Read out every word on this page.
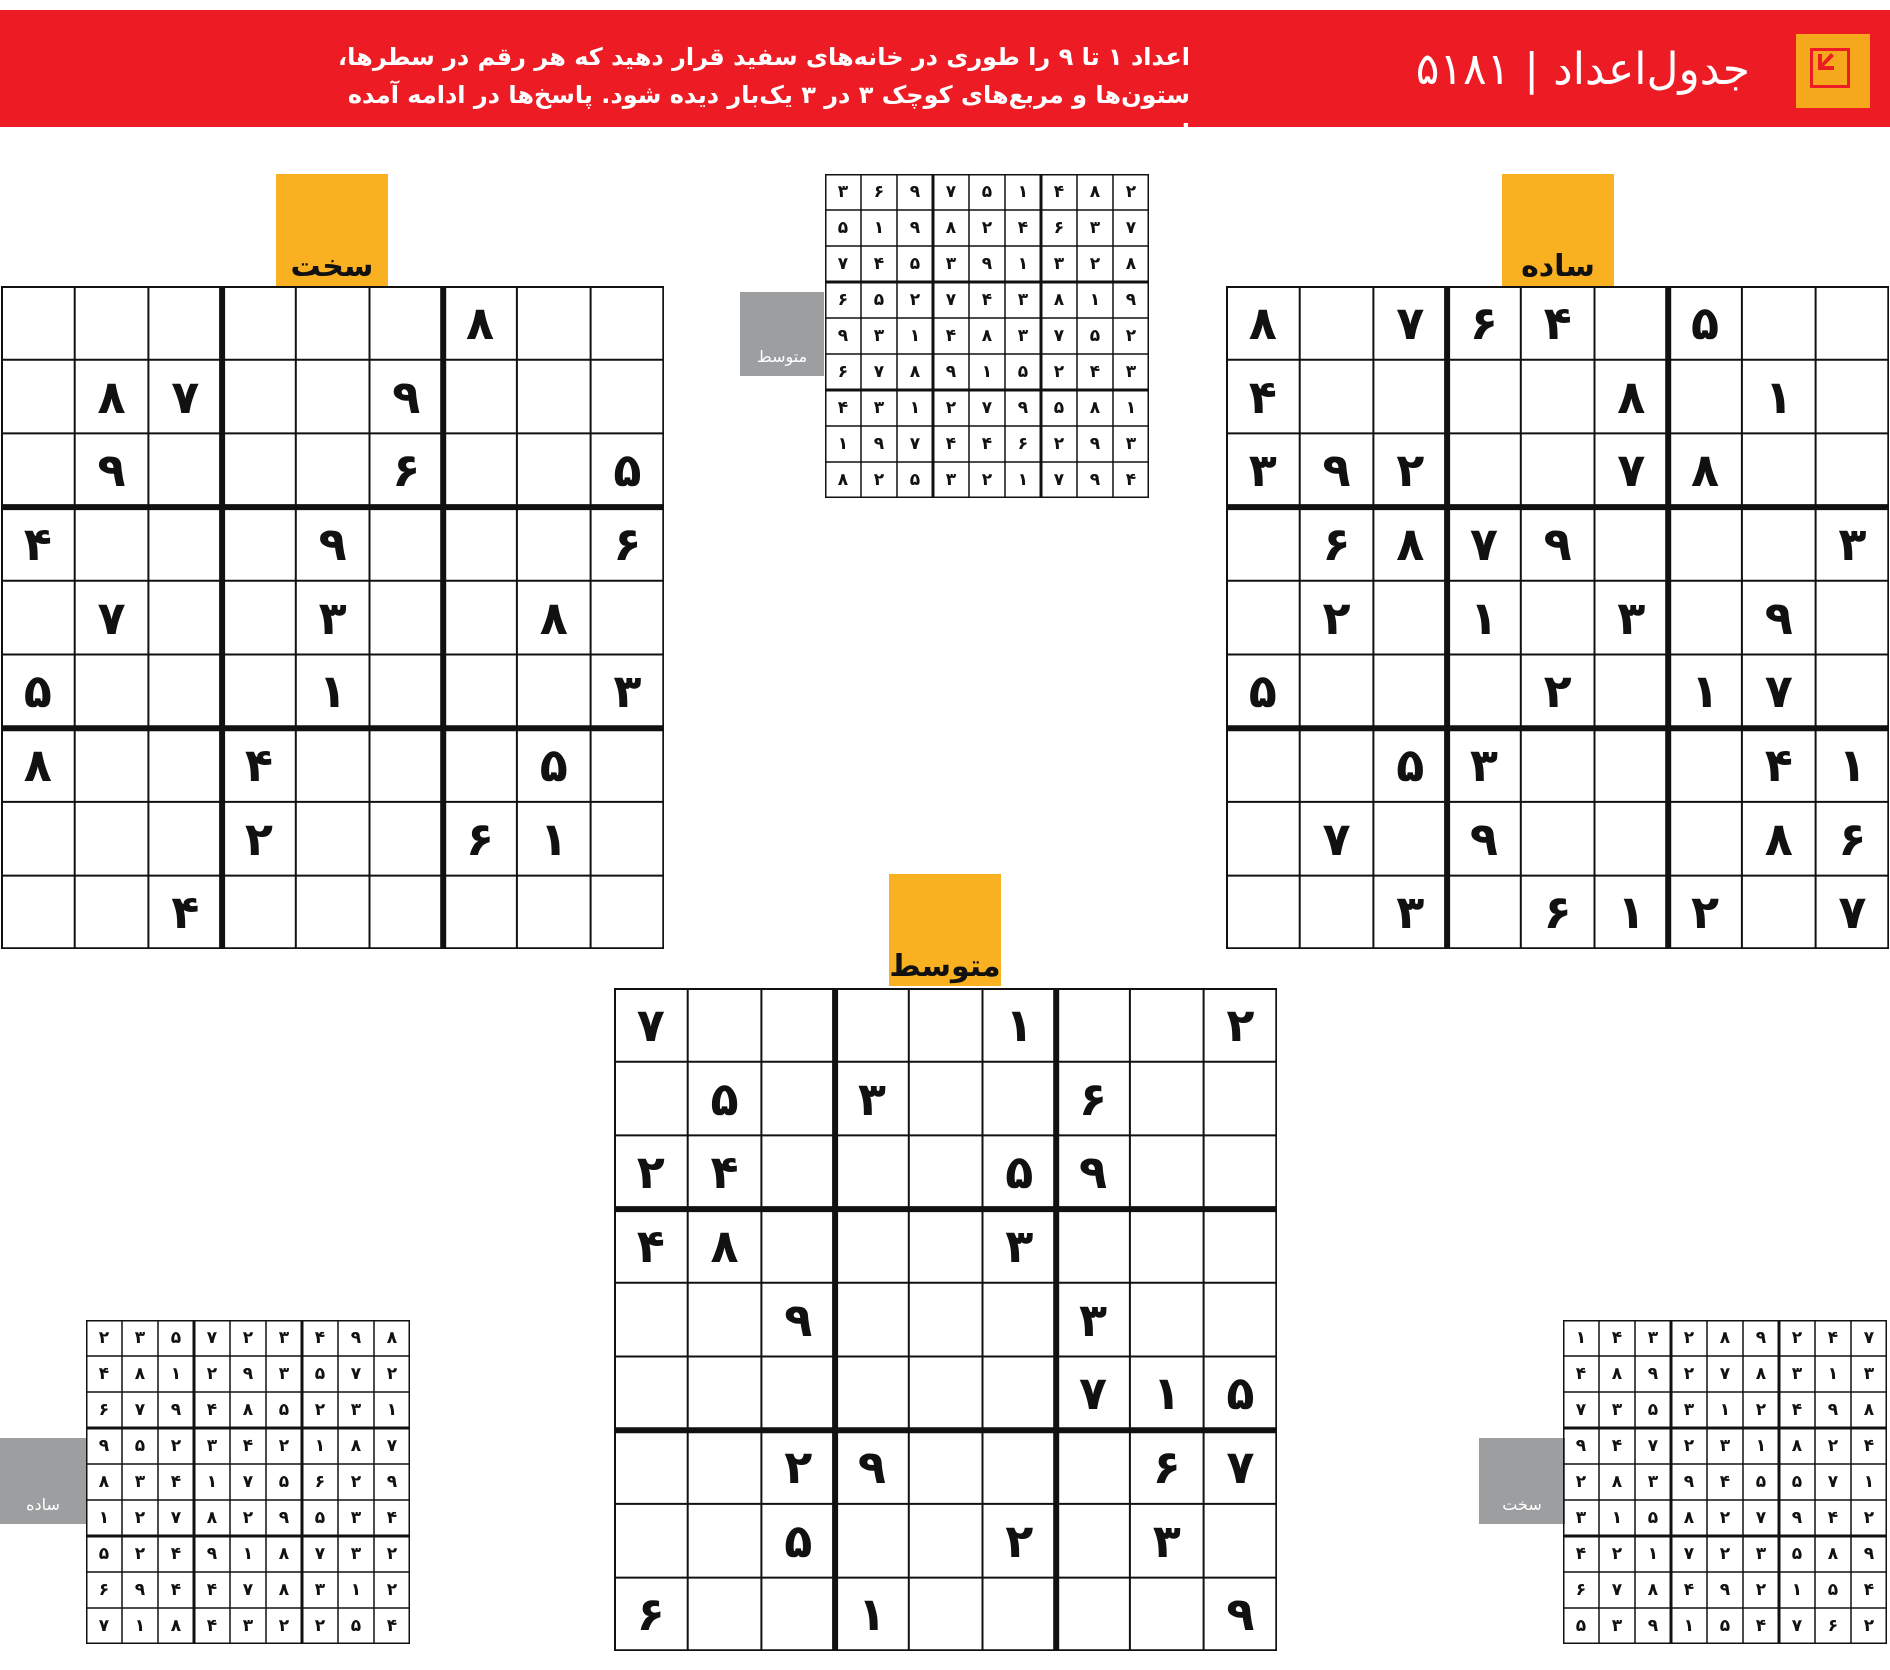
جدول‌اعداد | ۵۱۸۱
اعداد ۱ تا ۹ را طوری در خانه‌های سفید قرار دهید که هر رقم در سطرها، ستون‌ها و مربع‌های کوچک ۳ در ۳ یک‌بار دیده شود. پاسخ‌ها در ادامه آمده است.
سخت	ساده
متوسط
متوسط
ساده	سخت
۸
۹
۷
۸
۵
۶
۹
۶
۹
۴
۸
۳
۷
۳
۱
۵
۵
۴
۸
۱
۶
۲
۴
۵
۴
۶
۷
۸
۱
۸
۴
۸
۷
۲
۹
۳
۳
۹
۷
۸
۶
۹
۳
۱
۲
۷
۱
۲
۵
۱
۴
۳
۵
۶
۸
۹
۷
۷
۲
۱
۶
۳
۲
۱
۷
۶
۳
۵
۹
۵
۴
۲
۳
۸
۴
۳
۹
۵
۱
۷
۷
۶
۹
۲
۳
۲
۵
۹
۱
۶
۲
۸
۴
۱
۵
۷
۹
۶
۳
۷
۳
۶
۴
۲
۸
۹
۱
۵
۸
۲
۳
۱
۹
۳
۵
۴
۷
۹
۱
۸
۳
۴
۷
۲
۵
۶
۲
۵
۷
۳
۸
۴
۱
۳
۹
۳
۴
۲
۵
۱
۹
۸
۷
۶
۱
۸
۵
۹
۷
۲
۱
۳
۴
۳
۹
۲
۶
۴
۴
۷
۹
۱
۴
۹
۷
۱
۲
۳
۵
۲
۸
۸
۹
۴
۳
۲
۷
۵
۳
۲
۲
۷
۵
۳
۹
۲
۱
۸
۴
۱
۳
۲
۵
۸
۴
۹
۷
۶
۷
۸
۱
۲
۴
۳
۲
۵
۹
۹
۲
۶
۵
۷
۱
۴
۳
۸
۴
۳
۵
۹
۲
۸
۷
۲
۱
۲
۳
۷
۸
۱
۹
۴
۲
۵
۲
۱
۳
۸
۷
۴
۴
۹
۶
۴
۵
۲
۲
۳
۴
۸
۱
۷
۷
۴
۲
۹
۸
۲
۳
۴
۱
۳
۱
۳
۸
۷
۲
۹
۸
۴
۸
۹
۴
۲
۱
۳
۵
۳
۷
۴
۲
۸
۱
۳
۲
۷
۴
۹
۱
۷
۵
۵
۴
۹
۳
۸
۲
۲
۴
۹
۷
۲
۸
۵
۱
۳
۹
۸
۵
۳
۲
۷
۱
۲
۴
۴
۵
۱
۲
۹
۴
۸
۷
۶
۲
۶
۷
۴
۵
۱
۹
۳
۵
